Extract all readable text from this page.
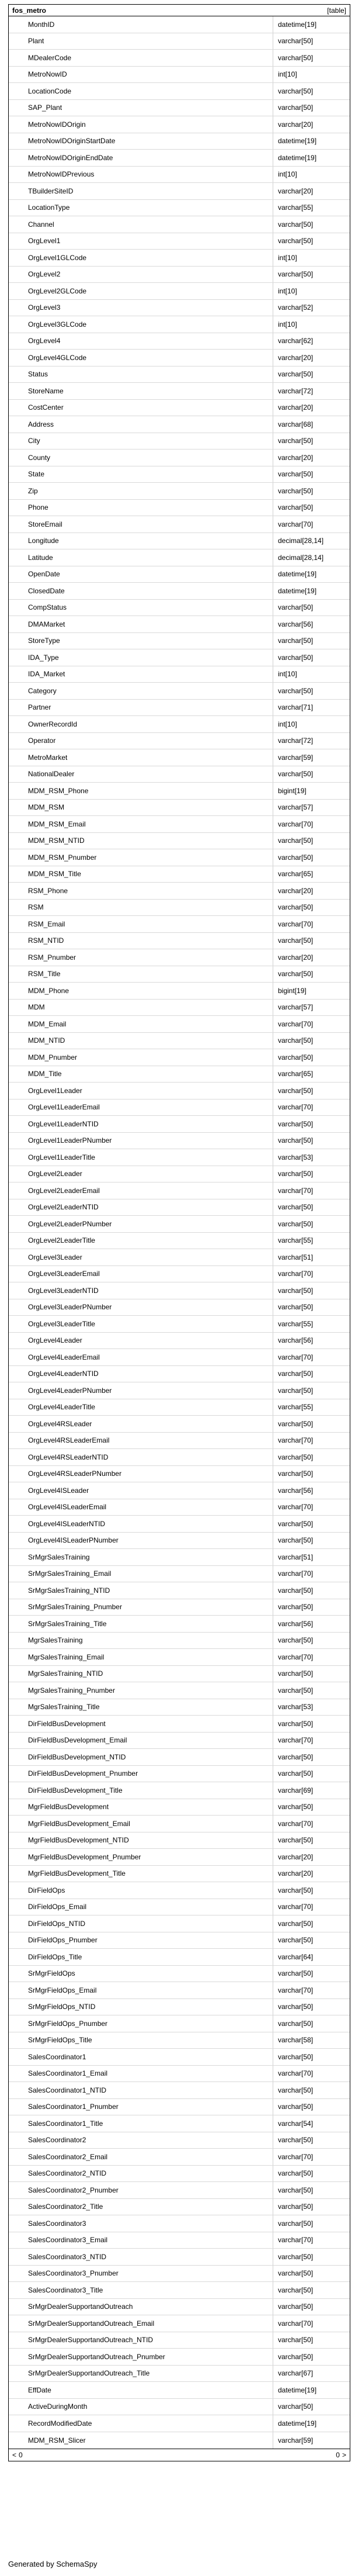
fos_metro	[table]
MonthID	datetime[19]
Plant	varchar[50]
MDealerCode	varchar[50]
MetroNowID	int[10]
LocationCode	varchar[50]
SAP_Plant	varchar[50]
MetroNowIDOrigin	varchar[20]
MetroNowIDOriginStartDate	datetime[19]
MetroNowIDOriginEndDate	datetime[19]
MetroNowIDPrevious	int[10]
TBuilderSiteID	varchar[20]
LocationType	varchar[55]
Channel	varchar[50]
OrgLevel1	varchar[50]
OrgLevel1GLCode	int[10]
OrgLevel2	varchar[50]
OrgLevel2GLCode	int[10]
OrgLevel3	varchar[52]
OrgLevel3GLCode	int[10]
OrgLevel4	varchar[62]
OrgLevel4GLCode	varchar[20]
Status	varchar[50]
StoreName	varchar[72]
CostCenter	varchar[20]
Address	varchar[68]
City	varchar[50]
County	varchar[20]
State	varchar[50]
Zip	varchar[50]
Phone	varchar[50]
StoreEmail	varchar[70]
Longitude	decimal[28,14]
Latitude	decimal[28,14]
OpenDate	datetime[19]
ClosedDate	datetime[19]
CompStatus	varchar[50]
DMAMarket	varchar[56]
StoreType	varchar[50]
IDA_Type	varchar[50]
IDA_Market	int[10]
Category	varchar[50]
Partner	varchar[71]
OwnerRecordId	int[10]
Operator	varchar[72]
MetroMarket	varchar[59]
NationalDealer	varchar[50]
MDM_RSM_Phone	bigint[19]
MDM_RSM	varchar[57]
MDM_RSM_Email	varchar[70]
MDM_RSM_NTID	varchar[50]
MDM_RSM_Pnumber	varchar[50]
MDM_RSM_Title	varchar[65]
RSM_Phone	varchar[20]
RSM	varchar[50]
RSM_Email	varchar[70]
RSM_NTID	varchar[50]
RSM_Pnumber	varchar[20]
RSM_Title	varchar[50]
MDM_Phone	bigint[19]
MDM	varchar[57]
MDM_Email	varchar[70]
MDM_NTID	varchar[50]
MDM_Pnumber	varchar[50]
MDM_Title	varchar[65]
OrgLevel1Leader	varchar[50]
OrgLevel1LeaderEmail	varchar[70]
OrgLevel1LeaderNTID	varchar[50]
OrgLevel1LeaderPNumber	varchar[50]
OrgLevel1LeaderTitle	varchar[53]
OrgLevel2Leader	varchar[50]
OrgLevel2LeaderEmail	varchar[70]
OrgLevel2LeaderNTID	varchar[50]
OrgLevel2LeaderPNumber	varchar[50]
OrgLevel2LeaderTitle	varchar[55]
OrgLevel3Leader	varchar[51]
OrgLevel3LeaderEmail	varchar[70]
OrgLevel3LeaderNTID	varchar[50]
OrgLevel3LeaderPNumber	varchar[50]
OrgLevel3LeaderTitle	varchar[55]
OrgLevel4Leader	varchar[56]
OrgLevel4LeaderEmail	varchar[70]
OrgLevel4LeaderNTID	varchar[50]
OrgLevel4LeaderPNumber	varchar[50]
OrgLevel4LeaderTitle	varchar[55]
OrgLevel4RSLeader	varchar[50]
OrgLevel4RSLeaderEmail	varchar[70]
OrgLevel4RSLeaderNTID	varchar[50]
OrgLevel4RSLeaderPNumber	varchar[50]
OrgLevel4ISLeader	varchar[56]
OrgLevel4ISLeaderEmail	varchar[70]
OrgLevel4ISLeaderNTID	varchar[50]
OrgLevel4ISLeaderPNumber	varchar[50]
SrMgrSalesTraining	varchar[51]
SrMgrSalesTraining_Email	varchar[70]
SrMgrSalesTraining_NTID	varchar[50]
SrMgrSalesTraining_Pnumber	varchar[50]
SrMgrSalesTraining_Title	varchar[56]
MgrSalesTraining	varchar[50]
MgrSalesTraining_Email	varchar[70]
MgrSalesTraining_NTID	varchar[50]
MgrSalesTraining_Pnumber	varchar[50]
MgrSalesTraining_Title	varchar[53]
DirFieldBusDevelopment	varchar[50]
DirFieldBusDevelopment_Email	varchar[70]
DirFieldBusDevelopment_NTID	varchar[50]
DirFieldBusDevelopment_Pnumber	varchar[50]
DirFieldBusDevelopment_Title	varchar[69]
MgrFieldBusDevelopment	varchar[50]
MgrFieldBusDevelopment_Email	varchar[70]
MgrFieldBusDevelopment_NTID	varchar[50]
MgrFieldBusDevelopment_Pnumber	varchar[20]
MgrFieldBusDevelopment_Title	varchar[20]
DirFieldOps	varchar[50]
DirFieldOps_Email	varchar[70]
DirFieldOps_NTID	varchar[50]
DirFieldOps_Pnumber	varchar[50]
DirFieldOps_Title	varchar[64]
SrMgrFieldOps	varchar[50]
SrMgrFieldOps_Email	varchar[70]
SrMgrFieldOps_NTID	varchar[50]
SrMgrFieldOps_Pnumber	varchar[50]
SrMgrFieldOps_Title	varchar[58]
SalesCoordinator1	varchar[50]
SalesCoordinator1_Email	varchar[70]
SalesCoordinator1_NTID	varchar[50]
SalesCoordinator1_Pnumber	varchar[50]
SalesCoordinator1_Title	varchar[54]
SalesCoordinator2	varchar[50]
SalesCoordinator2_Email	varchar[70]
SalesCoordinator2_NTID	varchar[50]
SalesCoordinator2_Pnumber	varchar[50]
SalesCoordinator2_Title	varchar[50]
SalesCoordinator3	varchar[50]
SalesCoordinator3_Email	varchar[70]
SalesCoordinator3_NTID	varchar[50]
SalesCoordinator3_Pnumber	varchar[50]
SalesCoordinator3_Title	varchar[50]
SrMgrDealerSupportandOutreach	varchar[50]
SrMgrDealerSupportandOutreach_Email	varchar[70]
SrMgrDealerSupportandOutreach_NTID	varchar[50]
SrMgrDealerSupportandOutreach_Pnumber	varchar[50]
SrMgrDealerSupportandOutreach_Title	varchar[67]
EffDate	datetime[19]
ActiveDuringMonth	varchar[50]
RecordModifiedDate	datetime[19]
MDM_RSM_Slicer	varchar[59]
< 0	0 >
Generated by SchemaSpy
